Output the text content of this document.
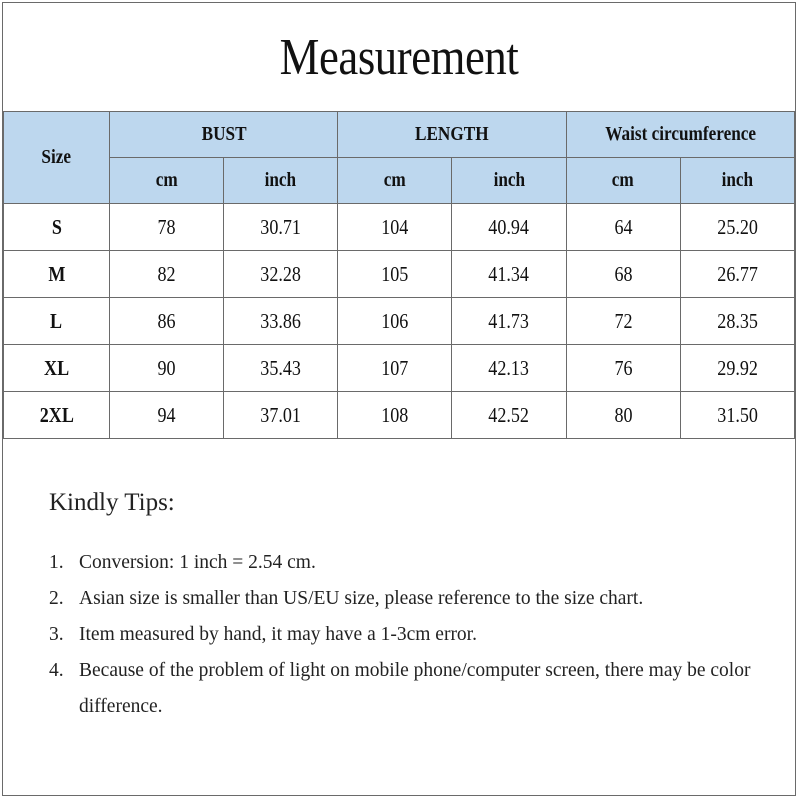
Measurement
Size	BUST		LENGTH		Waist circumference	
	cm	inch	cm	inch	cm	inch
S	78	30.71	104	40.94	64	25.20
M	82	32.28	105	41.34	68	26.77
L	86	33.86	106	41.73	72	28.35
XL	90	35.43	107	42.13	76	29.92
2XL	94	37.01	108	42.52	80	31.50
Kindly Tips:
1. Conversion: 1 inch = 2.54 cm.
2. Asian size is smaller than US/EU size, please reference to the size chart.
3. Item measured by hand, it may have a 1-3cm error.
4. Because of the problem of light on mobile phone/computer screen, there may be color difference.
